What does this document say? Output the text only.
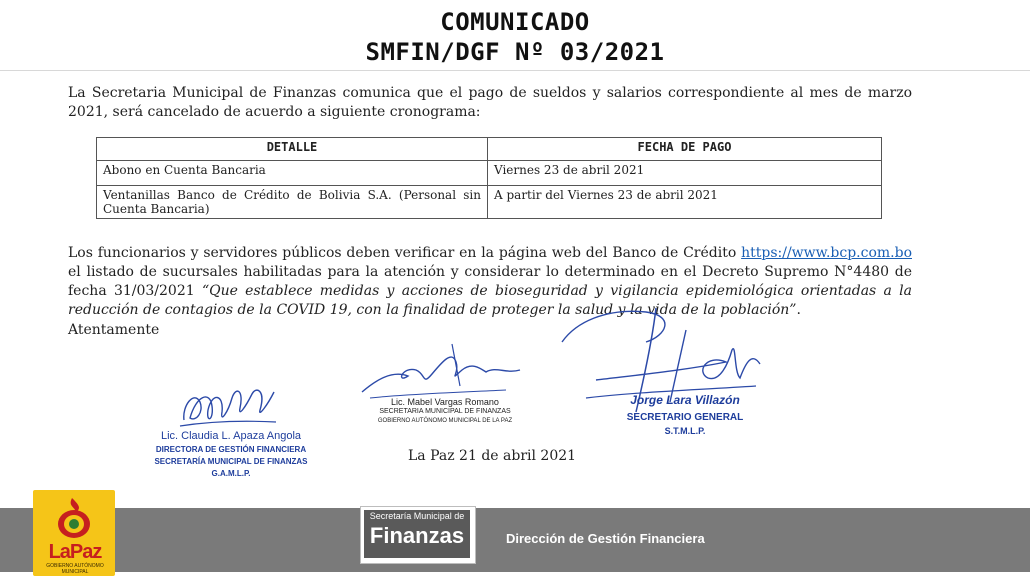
COMUNICADO
SMFIN/DGF Nº 03/2021
La Secretaria Municipal de Finanzas comunica que el pago de sueldos y salarios correspondiente al mes de marzo 2021, será cancelado de acuerdo a siguiente cronograma:
DETALLE	FECHA DE PAGO
Abono en Cuenta Bancaria	Viernes 23 de abril 2021
Ventanillas Banco de Crédito de Bolivia S.A. (Personal sin Cuenta Bancaria)	A partir del Viernes 23 de abril 2021
Los funcionarios y servidores públicos deben verificar en la página web del Banco de Crédito https://www.bcp.com.bo el listado de sucursales habilitadas para la atención y considerar lo determinado en el Decreto Supremo N°4480 de fecha 31/03/2021 “Que establece medidas y acciones de bioseguridad y vigilancia epidemiológica orientadas a la reducción de contagios de la COVID 19, con la finalidad de proteger la salud y la vida de la población”.
Atentamente
Lic. Claudia L. Apaza Angola
DIRECTORA DE GESTIÓN FINANCIERA
SECRETARÍA MUNICIPAL DE FINANZAS
G.A.M.L.P.
Lic. Mabel Vargas Romano
SECRETARIA MUNICIPAL DE FINANZAS
GOBIERNO AUTÓNOMO MUNICIPAL DE LA PAZ
Jorge Lara Villazón
SECRETARIO GENERAL
S.T.M.L.P.
La Paz 21 de abril 2021
LaPaz
GOBIERNO AUTÓNOMO MUNICIPAL
Secretaría Municipal de
Finanzas	Dirección de Gestión Financiera
